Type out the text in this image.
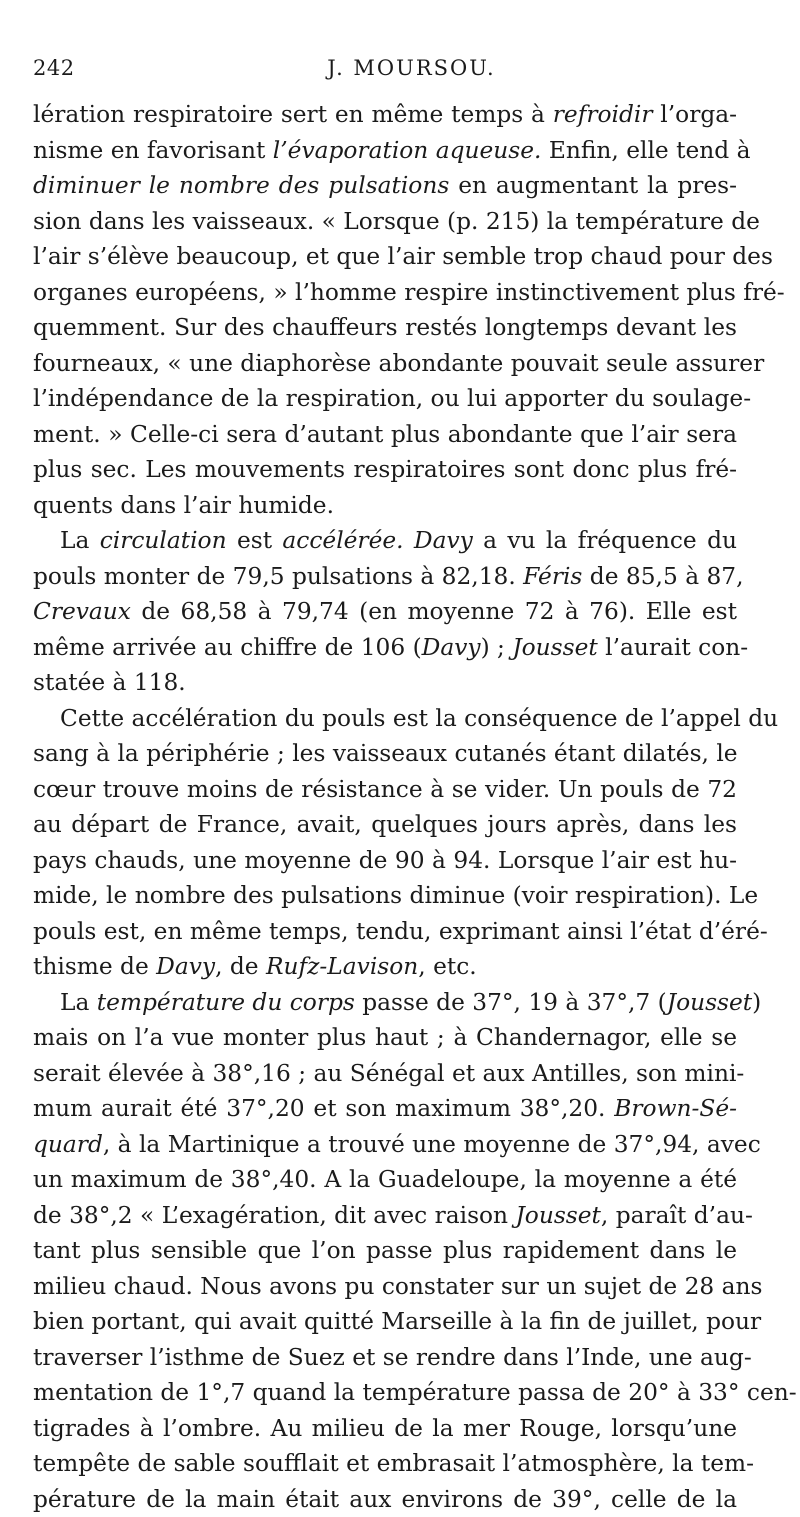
242	J. MOURSOU.
lération respiratoire sert en même temps à refroidir l’orga-
nisme en favorisant l’évaporation aqueuse. Enfin, elle tend à
diminuer le nombre des pulsations en augmentant la pres-
sion dans les vaisseaux. « Lorsque (p. 215) la température de
l’air s’élève beaucoup, et que l’air semble trop chaud pour des
organes européens, » l’homme respire instinctivement plus fré-
quemment. Sur des chauffeurs restés longtemps devant les
fourneaux, « une diaphorèse abondante pouvait seule assurer
l’indépendance de la respiration, ou lui apporter du soulage-
ment. » Celle-ci sera d’autant plus abondante que l’air sera
plus sec. Les mouvements respiratoires sont donc plus fré-
quents dans l’air humide.
La circulation est accélérée. Davy a vu la fréquence du
pouls monter de 79,5 pulsations à 82,18. Féris de 85,5 à 87,
Crevaux de 68,58 à 79,74 (en moyenne 72 à 76). Elle est
même arrivée au chiffre de 106 (Davy) ; Jousset l’aurait con-
statée à 118.
Cette accélération du pouls est la conséquence de l’appel du
sang à la périphérie ; les vaisseaux cutanés étant dilatés, le
cœur trouve moins de résistance à se vider. Un pouls de 72
au départ de France, avait, quelques jours après, dans les
pays chauds, une moyenne de 90 à 94. Lorsque l’air est hu-
mide, le nombre des pulsations diminue (voir respiration). Le
pouls est, en même temps, tendu, exprimant ainsi l’état d’éré-
thisme de Davy, de Rufz-Lavison, etc.
La température du corps passe de 37°, 19 à 37°,7 (Jousset)
mais on l’a vue monter plus haut ; à Chandernagor, elle se
serait élevée à 38°,16 ; au Sénégal et aux Antilles, son mini-
mum aurait été 37°,20 et son maximum 38°,20. Brown-Sé-
quard, à la Martinique a trouvé une moyenne de 37°,94, avec
un maximum de 38°,40. A la Guadeloupe, la moyenne a été
de 38°,2 « L’exagération, dit avec raison Jousset, paraît d’au-
tant plus sensible que l’on passe plus rapidement dans le
milieu chaud. Nous avons pu constater sur un sujet de 28 ans
bien portant, qui avait quitté Marseille à la fin de juillet, pour
traverser l’isthme de Suez et se rendre dans l’Inde, une aug-
mentation de 1°,7 quand la température passa de 20° à 33° cen-
tigrades à l’ombre. Au milieu de la mer Rouge, lorsqu’une
tempête de sable soufflait et embrasait l’atmosphère, la tem-
pérature de la main était aux environs de 39°, celle de la
